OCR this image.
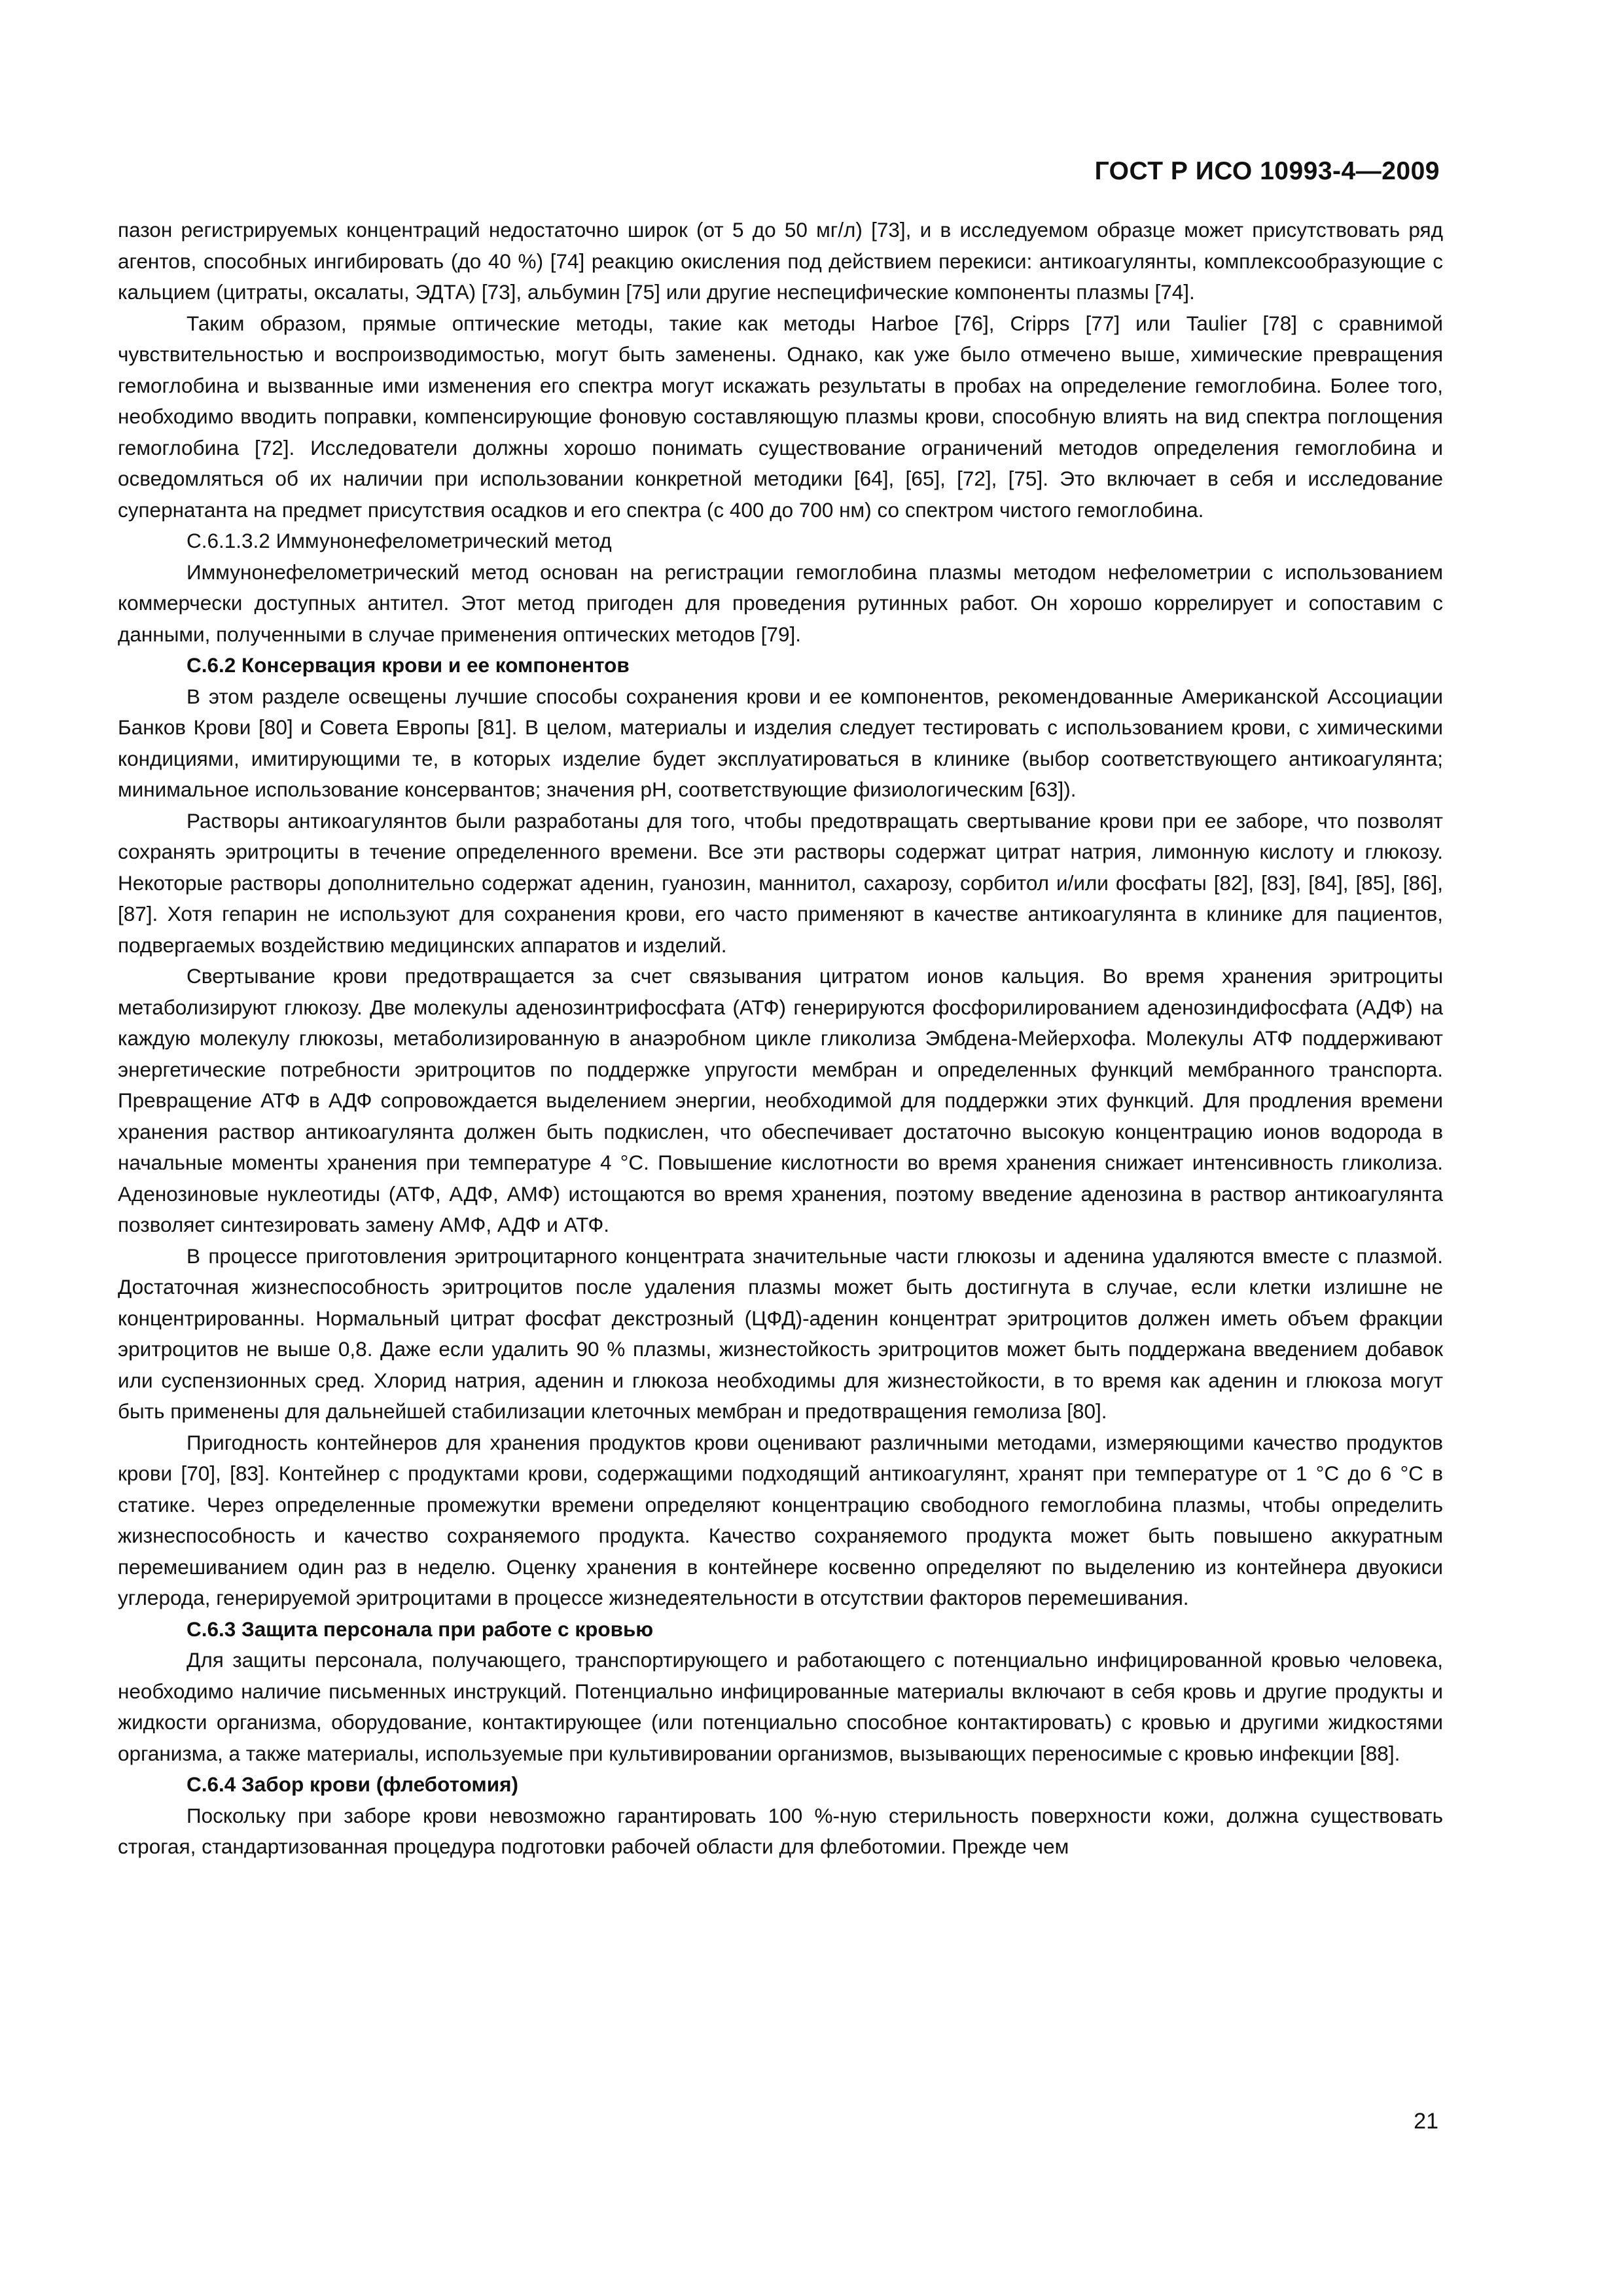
ГОСТ Р ИСО 10993-4—2009

пазон регистрируемых концентраций недостаточно широк (от 5 до 50 мг/л) [73], и в исследуемом образце может присутствовать ряд агентов, способных ингибировать (до 40 %) [74] реакцию окисления под действием перекиси: антикоагулянты, комплексообразующие с кальцием (цитраты, оксалаты, ЭДТА) [73], альбумин [75] или другие неспецифические компоненты плазмы [74].

Таким образом, прямые оптические методы, такие как методы Harboe [76], Cripps [77] или Taulier [78] с сравнимой чувствительностью и воспроизводимостью, могут быть заменены. Однако, как уже было отмечено выше, химические превращения гемоглобина и вызванные ими изменения его спектра могут искажать результаты в пробах на определение гемоглобина. Более того, необходимо вводить поправки, компенсирующие фоновую составляющую плазмы крови, способную влиять на вид спектра поглощения гемоглобина [72]. Исследователи должны хорошо понимать существование ограничений методов определения гемоглобина и осведомляться об их наличии при использовании конкретной методики [64], [65], [72], [75]. Это включает в себя и исследование супернатанта на предмет присутствия осадков и его спектра (с 400 до 700 нм) со спектром чистого гемоглобина.

С.6.1.3.2 Иммунонефелометрический метод

Иммунонефелометрический метод основан на регистрации гемоглобина плазмы методом нефелометрии с использованием коммерчески доступных антител. Этот метод пригоден для проведения рутинных работ. Он хорошо коррелирует и сопоставим с данными, полученными в случае применения оптических методов [79].

С.6.2 Консервация крови и ее компонентов

В этом разделе освещены лучшие способы сохранения крови и ее компонентов, рекомендованные Американской Ассоциации Банков Крови [80] и Совета Европы [81]. В целом, материалы и изделия следует тестировать с использованием крови, с химическими кондициями, имитирующими те, в которых изделие будет эксплуатироваться в клинике (выбор соответствующего антикоагулянта; минимальное использование консервантов; значения рН, соответствующие физиологическим [63]).

Растворы антикоагулянтов были разработаны для того, чтобы предотвращать свертывание крови при ее заборе, что позволят сохранять эритроциты в течение определенного времени. Все эти растворы содержат цитрат натрия, лимонную кислоту и глюкозу. Некоторые растворы дополнительно содержат аденин, гуанозин, маннитол, сахарозу, сорбитол и/или фосфаты [82], [83], [84], [85], [86], [87]. Хотя гепарин не используют для сохранения крови, его часто применяют в качестве антикоагулянта в клинике для пациентов, подвергаемых воздействию медицинских аппаратов и изделий.

Свертывание крови предотвращается за счет связывания цитратом ионов кальция. Во время хранения эритроциты метаболизируют глюкозу. Две молекулы аденозинтрифосфата (АТФ) генерируются фосфорилированием аденозиндифосфата (АДФ) на каждую молекулу глюкозы, метаболизированную в анаэробном цикле гликолиза Эмбдена-Мейерхофа. Молекулы АТФ поддерживают энергетические потребности эритроцитов по поддержке упругости мембран и определенных функций мембранного транспорта. Превращение АТФ в АДФ сопровождается выделением энергии, необходимой для поддержки этих функций. Для продления времени хранения раствор антикоагулянта должен быть подкислен, что обеспечивает достаточно высокую концентрацию ионов водорода в начальные моменты хранения при температуре 4 °С. Повышение кислотности во время хранения снижает интенсивность гликолиза. Аденозиновые нуклеотиды (АТФ, АДФ, АМФ) истощаются во время хранения, поэтому введение аденозина в раствор антикоагулянта позволяет синтезировать замену АМФ, АДФ и АТФ.

В процессе приготовления эритроцитарного концентрата значительные части глюкозы и аденина удаляются вместе с плазмой. Достаточная жизнеспособность эритроцитов после удаления плазмы может быть достигнута в случае, если клетки излишне не концентрированны. Нормальный цитрат фосфат декстрозный (ЦФД)-аденин концентрат эритроцитов должен иметь объем фракции эритроцитов не выше 0,8. Даже если удалить 90 % плазмы, жизнестойкость эритроцитов может быть поддержана введением добавок или суспензионных сред. Хлорид натрия, аденин и глюкоза необходимы для жизнестойкости, в то время как аденин и глюкоза могут быть применены для дальнейшей стабилизации клеточных мембран и предотвращения гемолиза [80].

Пригодность контейнеров для хранения продуктов крови оценивают различными методами, измеряющими качество продуктов крови [70], [83]. Контейнер с продуктами крови, содержащими подходящий антикоагулянт, хранят при температуре от 1 °С до 6 °С в статике. Через определенные промежутки времени определяют концентрацию свободного гемоглобина плазмы, чтобы определить жизнеспособность и качество сохраняемого продукта. Качество сохраняемого продукта может быть повышено аккуратным перемешиванием один раз в неделю. Оценку хранения в контейнере косвенно определяют по выделению из контейнера двуокиси углерода, генерируемой эритроцитами в процессе жизнедеятельности в отсутствии факторов перемешивания.

С.6.3 Защита персонала при работе с кровью

Для защиты персонала, получающего, транспортирующего и работающего с потенциально инфицированной кровью человека, необходимо наличие письменных инструкций. Потенциально инфицированные материалы включают в себя кровь и другие продукты и жидкости организма, оборудование, контактирующее (или потенциально способное контактировать) с кровью и другими жидкостями организма, а также материалы, используемые при культивировании организмов, вызывающих переносимые с кровью инфекции [88].

С.6.4 Забор крови (флеботомия)

Поскольку при заборе крови невозможно гарантировать 100 %-ную стерильность поверхности кожи, должна существовать строгая, стандартизованная процедура подготовки рабочей области для флеботомии. Прежде чем

21
